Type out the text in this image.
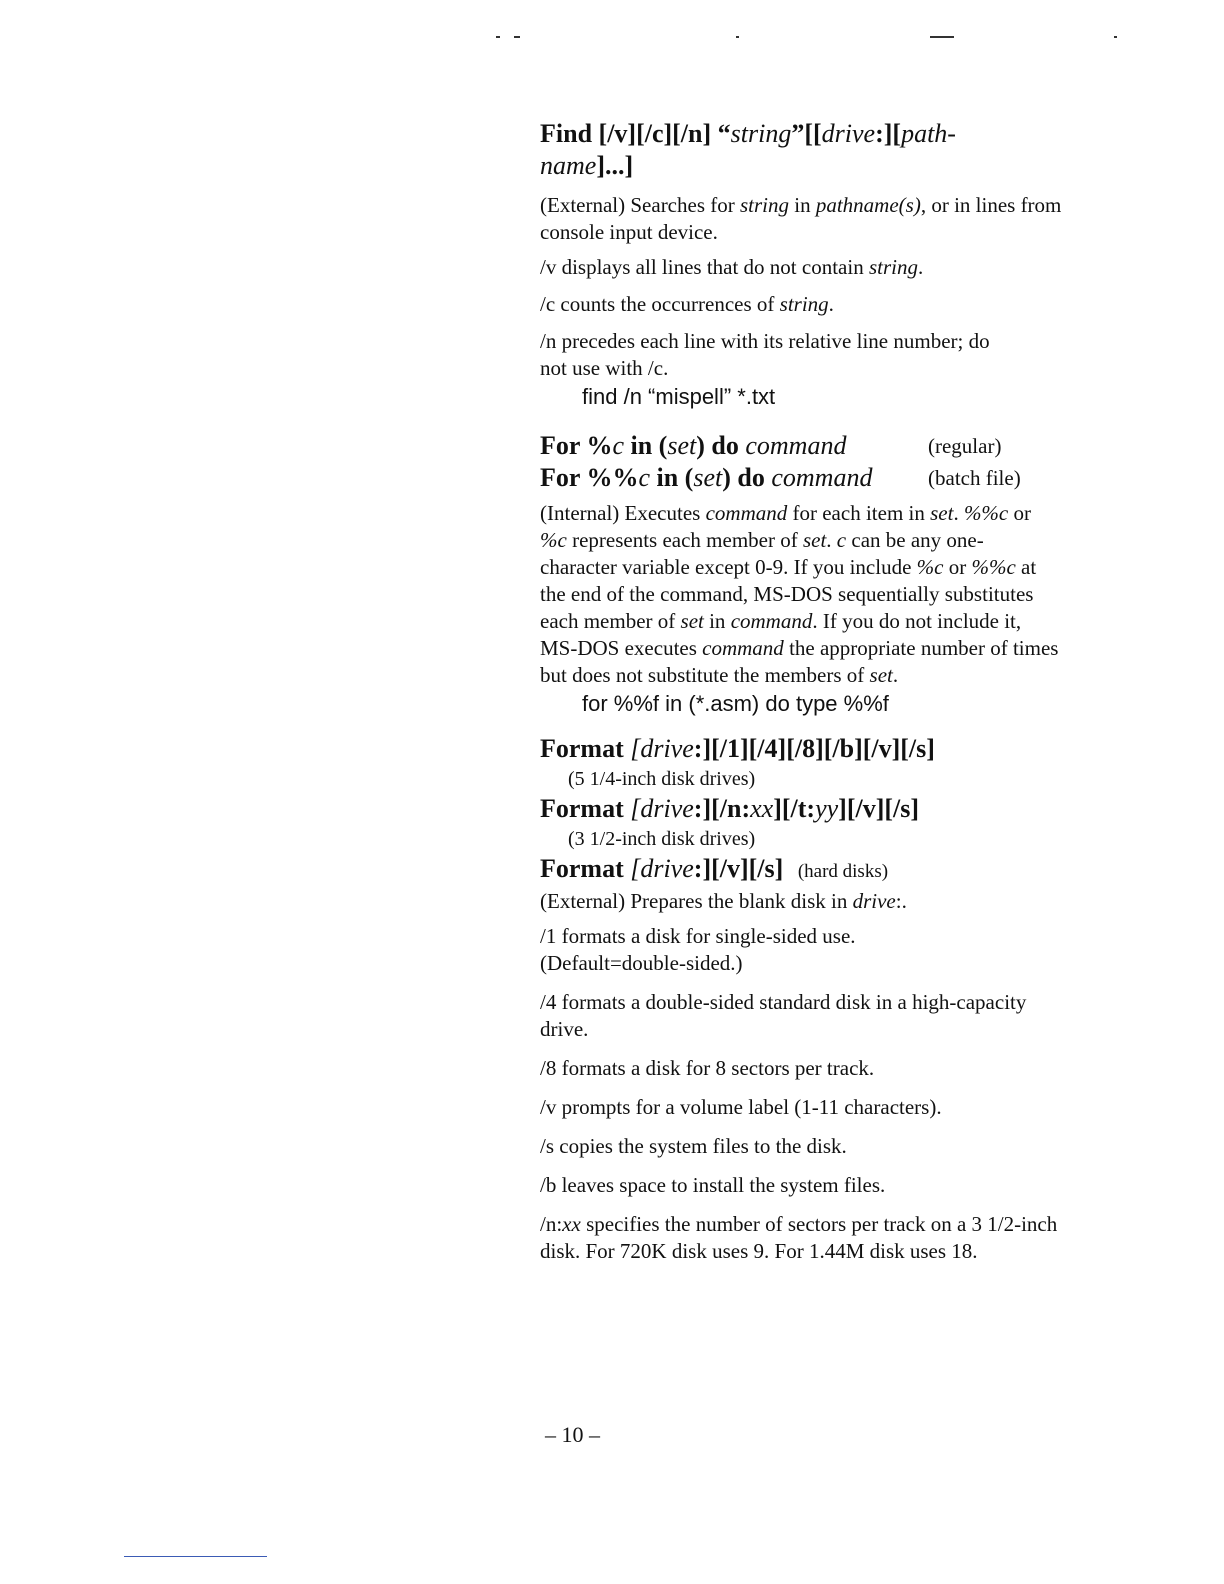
Find [/v][/c][/n] “string”[[drive:][path-
name]...]

(External) Searches for string in pathname(s), or in lines from console input device.

/v displays all lines that do not contain string.

/c counts the occurrences of string.

/n precedes each line with its relative line number; do not use with /c.

find /n “mispell” *.txt
For %c in (set) do command	(regular)
For %%c in (set) do command	(batch file)

(Internal) Executes command for each item in set. %%c or %c represents each member of set. c can be any one-character variable except 0-9. If you include %c or %%c at the end of the command, MS-DOS sequentially substitutes each member of set in command. If you do not include it, MS-DOS executes command the appropriate number of times but does not substitute the members of set.

for %%f in (*.asm) do type %%f
Format [drive:][/1][/4][/8][/b][/v][/s]
(5 1/4-inch disk drives)
Format [drive:][/n:xx][/t:yy][/v][/s]
(3 1/2-inch disk drives)
Format [drive:][/v][/s] (hard disks)

(External) Prepares the blank disk in drive:.

/1 formats a disk for single-sided use. (Default=double-sided.)

/4 formats a double-sided standard disk in a high-capacity drive.

/8 formats a disk for 8 sectors per track.

/v prompts for a volume label (1-11 characters).

/s copies the system files to the disk.

/b leaves space to install the system files.

/n:xx specifies the number of sectors per track on a 3 1/2-inch disk. For 720K disk uses 9. For 1.44M disk uses 18.

– 10 –
